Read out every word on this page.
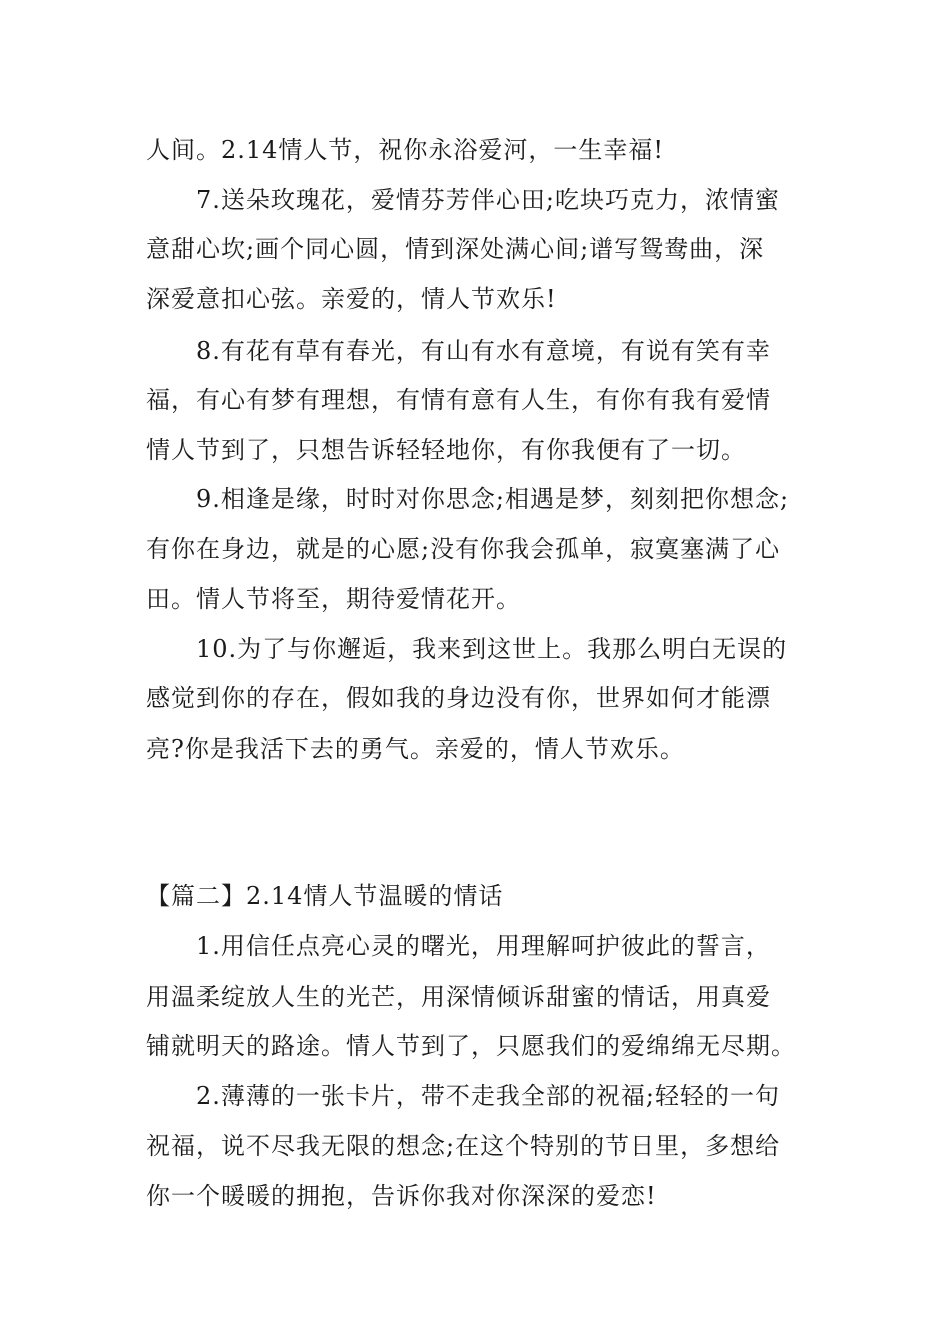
人间。2.14情人节，祝你永浴爱河，一生幸福!
7.送朵玫瑰花，爱情芬芳伴心田;吃块巧克力，浓情蜜
意甜心坎;画个同心圆，情到深处满心间;谱写鸳鸯曲，深
深爱意扣心弦。亲爱的，情人节欢乐!
8.有花有草有春光，有山有水有意境，有说有笑有幸
福，有心有梦有理想，有情有意有人生，有你有我有爱情
情人节到了，只想告诉轻轻地你，有你我便有了一切。
9.相逢是缘，时时对你思念;相遇是梦，刻刻把你想念;
有你在身边，就是的心愿;没有你我会孤单，寂寞塞满了心
田。情人节将至，期待爱情花开。
10.为了与你邂逅，我来到这世上。我那么明白无误的
感觉到你的存在，假如我的身边没有你，世界如何才能漂
亮?你是我活下去的勇气。亲爱的，情人节欢乐。
【篇二】2.14情人节温暖的情话
1.用信任点亮心灵的曙光，用理解呵护彼此的誓言，
用温柔绽放人生的光芒，用深情倾诉甜蜜的情话，用真爱
铺就明天的路途。情人节到了，只愿我们的爱绵绵无尽期。
2.薄薄的一张卡片，带不走我全部的祝福;轻轻的一句
祝福，说不尽我无限的想念;在这个特别的节日里，多想给
你一个暖暖的拥抱，告诉你我对你深深的爱恋!
